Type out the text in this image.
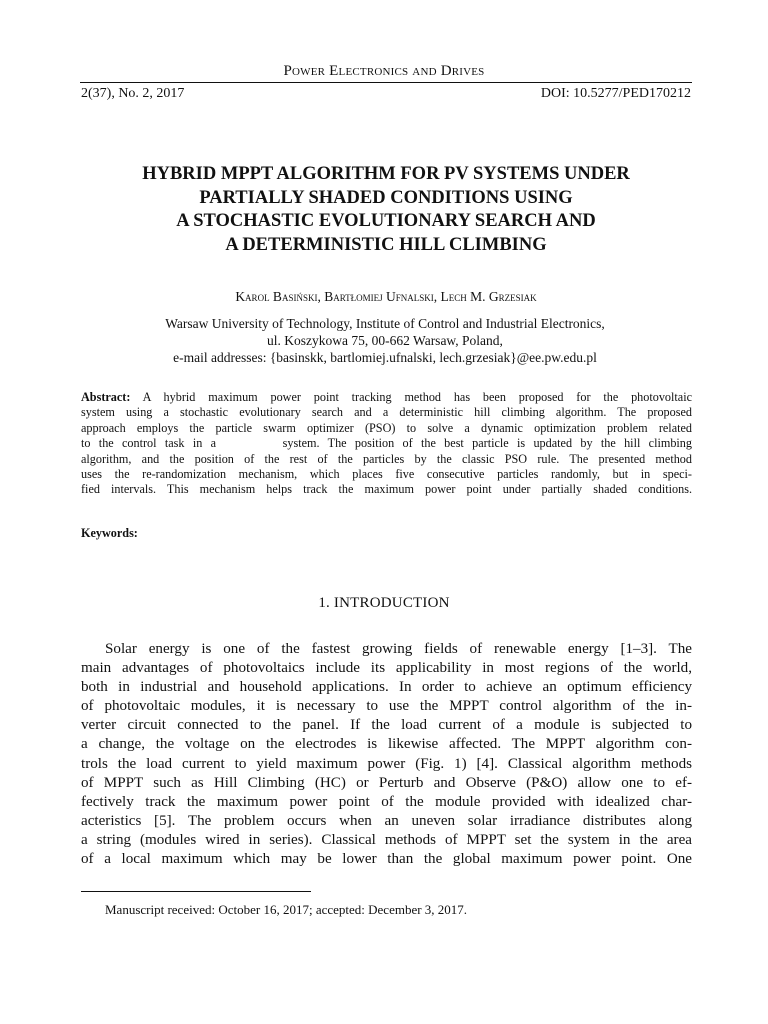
Power Electronics and Drives
2(37), No. 2, 2017	DOI: 10.5277/PED170212
HYBRID MPPT ALGORITHM FOR PV SYSTEMS UNDER
PARTIALLY SHADED CONDITIONS USING
A STOCHASTIC EVOLUTIONARY SEARCH AND
A DETERMINISTIC HILL CLIMBING
Karol Basiński, Bartłomiej Ufnalski, Lech M. Grzesiak
Warsaw University of Technology, Institute of Control and Industrial Electronics,
ul. Koszykowa 75, 00-662 Warsaw, Poland,
e-mail addresses: {basinskk, bartlomiej.ufnalski, lech.grzesiak}@ee.pw.edu.pl
Abstract: A hybrid maximum power point tracking method has been proposed for the photovoltaic
system using a stochastic evolutionary search and a deterministic hill climbing algorithm. The proposed
approach employs the particle swarm optimizer (PSO) to solve a dynamic optimization problem related
to the control task in a        system. The position of the best particle is updated by the hill climbing
algorithm, and the position of the rest of the particles by the classic PSO rule. The presented method
uses the re-randomization mechanism, which places five consecutive particles randomly, but in speci-
fied intervals. This mechanism helps track the maximum power point under partially shaded conditions.
Keywords:
1. INTRODUCTION
Solar energy is one of the fastest growing fields of renewable energy [1–3]. The
main advantages of photovoltaics include its applicability in most regions of the world,
both in industrial and household applications. In order to achieve an optimum efficiency
of photovoltaic modules, it is necessary to use the MPPT control algorithm of the in-
verter circuit connected to the panel. If the load current of a module is subjected to
a change, the voltage on the electrodes is likewise affected. The MPPT algorithm con-
trols the load current to yield maximum power (Fig. 1) [4]. Classical algorithm methods
of MPPT such as Hill Climbing (HC) or Perturb and Observe (P&O) allow one to ef-
fectively track the maximum power point of the module provided with idealized char-
acteristics [5]. The problem occurs when an uneven solar irradiance distributes along
a string (modules wired in series). Classical methods of MPPT set the system in the area
of a local maximum which may be lower than the global maximum power point. One
Manuscript received: October 16, 2017; accepted: December 3, 2017.
